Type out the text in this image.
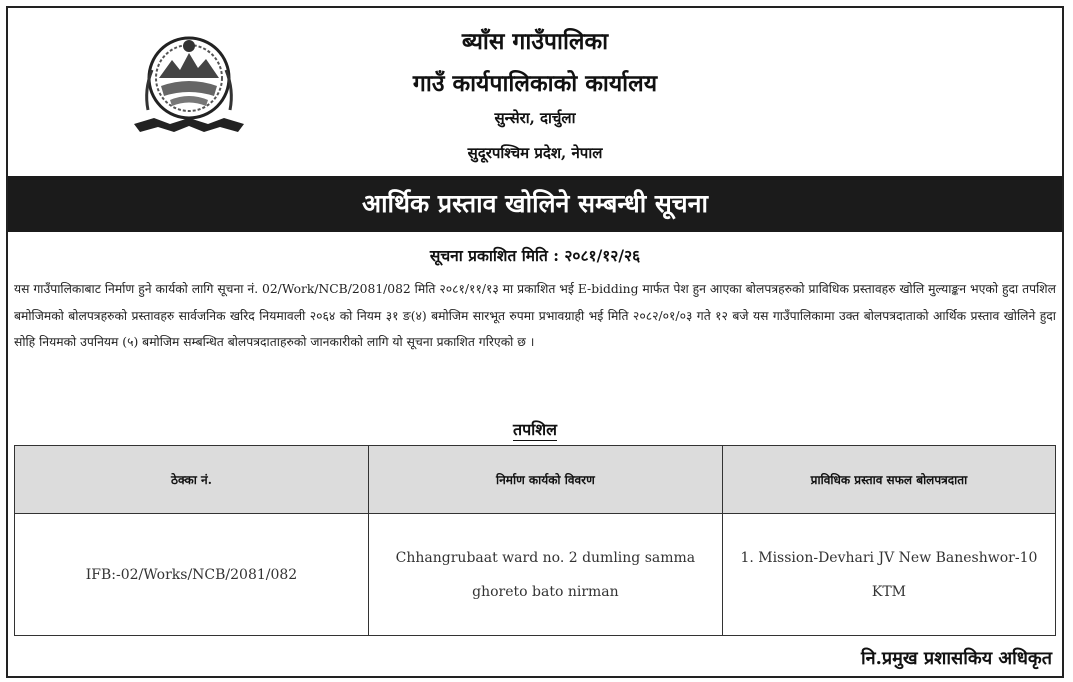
ब्याँस गाउँपालिका
गाउँ कार्यपालिकाको कार्यालय
सुन्सेरा, दार्चुला
सुदूरपश्चिम प्रदेश, नेपाल
आर्थिक प्रस्ताव खोलिने सम्बन्धी सूचना
सूचना प्रकाशित मिति : २०८१/१२/२६
यस गाउँपालिकाबाट निर्माण हुने कार्यको लागि सूचना नं. 02/Work/NCB/2081/082 मिति २०८१/११/१३ मा प्रकाशित भई E-bidding मार्फत पेश हुन आएका बोलपत्रहरुको प्राविधिक प्रस्तावहरु खोलि मुल्याङ्कन भएको हुदा तपशिल बमोजिमको बोलपत्रहरुको प्रस्तावहरु सार्वजनिक खरिद नियमावली २०६४ को नियम ३१ ङ(४) बमोजिम सारभूत रुपमा प्रभावग्राही भई मिति २०८२/०१/०३ गते १२ बजे यस गाउँपालिकामा उक्त बोलपत्रदाताको आर्थिक प्रस्ताव खोलिने हुदा सोहि नियमको उपनियम (५) बमोजिम सम्बन्धित बोलपत्रदाताहरुको जानकारीको लागि यो सूचना प्रकाशित गरिएको छ ।
तपशिल
ठेक्का नं.	निर्माण कार्यको विवरण	प्राविधिक प्रस्ताव सफल बोलपत्रदाता
IFB:-02/Works/NCB/2081/082	Chhangrubaat ward no. 2 dumling samma ghoreto bato nirman	1. Mission-Devhari JV New Baneshwor-10 KTM
नि.प्रमुख प्रशासकिय अधिकृत
